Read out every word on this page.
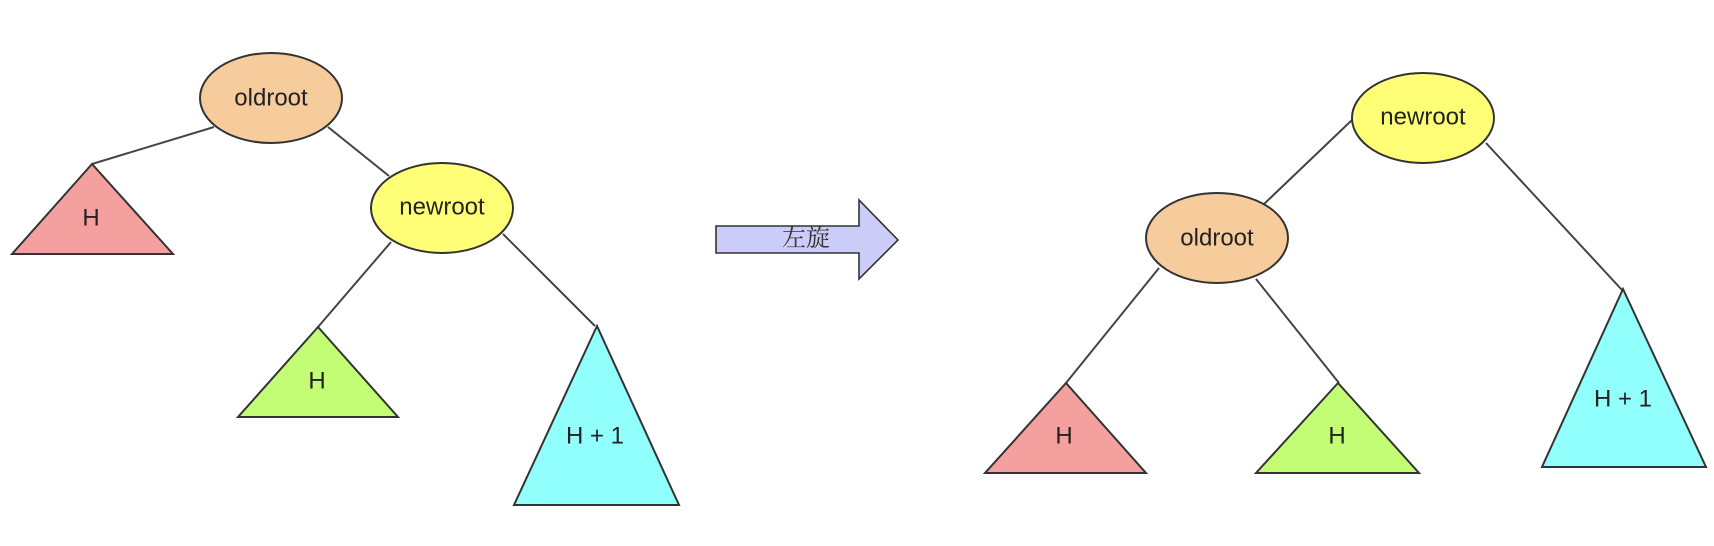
oldroot
newroot
H
H
H + 1
左旋
newroot
oldroot
H	H
H + 1
